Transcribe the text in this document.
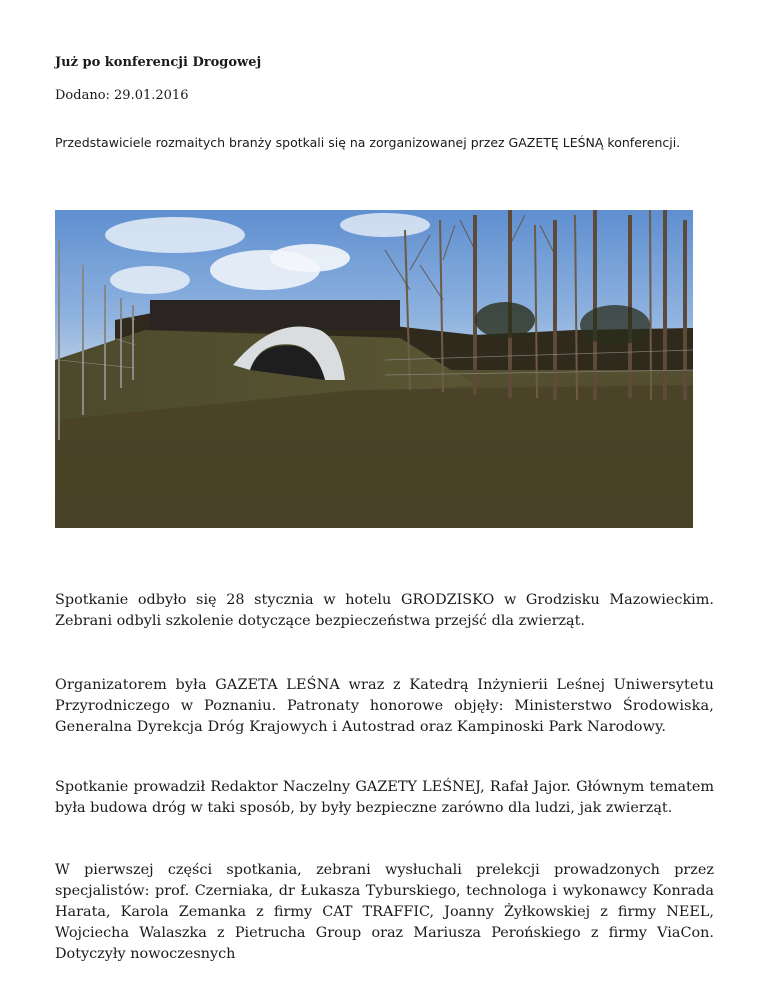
Już po konferencji Drogowej

Dodano: 29.01.2016

Przedstawiciele rozmaitych branży spotkali się na zorganizowanej przez GAZETĘ LEŚNĄ konferencji.

Spotkanie odbyło się 28 stycznia w hotelu GRODZISKO w Grodzisku Mazowieckim. Zebrani odbyli szkolenie dotyczące bezpieczeństwa przejść dla zwierząt.

Organizatorem była GAZETA LEŚNA wraz z Katedrą Inżynierii Leśnej Uniwersytetu Przyrodniczego w Poznaniu. Patronaty honorowe objęły: Ministerstwo Środowiska, Generalna Dyrekcja Dróg Krajowych i Autostrad oraz Kampinoski Park Narodowy.

Spotkanie prowadził Redaktor Naczelny GAZETY LEŚNEJ, Rafał Jajor. Głównym tematem była budowa dróg w taki sposób, by były bezpieczne zarówno dla ludzi, jak zwierząt.

W pierwszej części spotkania, zebrani wysłuchali prelekcji prowadzonych przez specjalistów: prof. Czerniaka, dr Łukasza Tyburskiego, technologa i wykonawcy Konrada Harata, Karola Zemanka z firmy CAT TRAFFIC, Joanny Żyłkowskiej z firmy NEEL, Wojciecha Walaszka z Pietrucha Group oraz Mariusza Perońskiego z firmy ViaCon. Dotyczyły nowoczesnych
